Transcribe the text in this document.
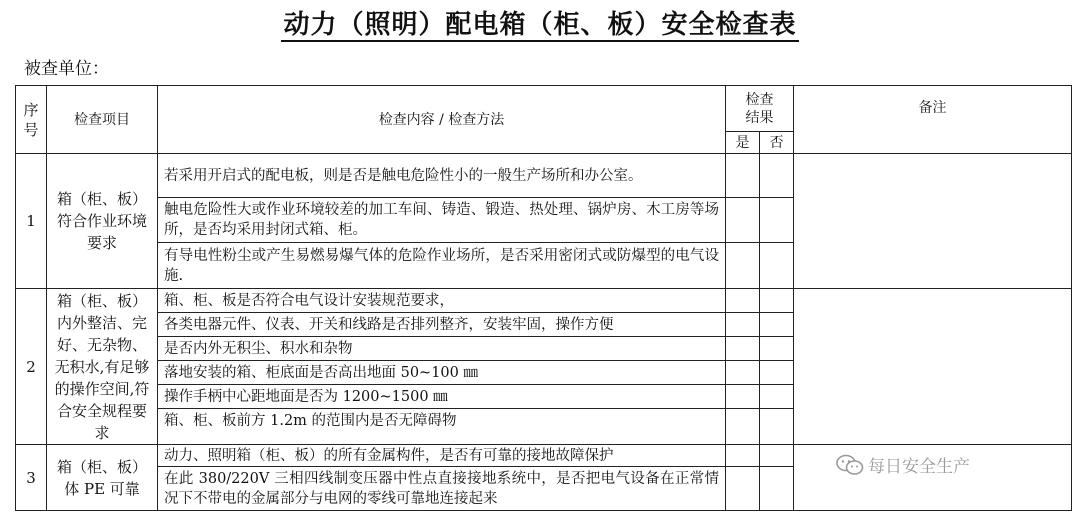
动力（照明）配电箱（柜、板）安全检查表
被查单位：
序号	检查项目	检查内容 / 检查方法	检查结果		备注
			是	否	
1	箱（柜、板）符合作业环境要求	若采用开启式的配电板，则是否是触电危险性小的一般生产场所和办公室。			
		触电危险性大或作业环境较差的加工车间、铸造、锻造、热处理、锅炉房、木工房等场所，是否均采用封闭式箱、柜。			
		有导电性粉尘或产生易燃易爆气体的危险作业场所，是否采用密闭式或防爆型的电气设施.			
2	箱（柜、板）内外整洁、完好、无杂物、无积水,有足够的操作空间,符合安全规程要求	箱、柜、板是否符合电气设计安装规范要求，			
		各类电器元件、仪表、开关和线路是否排列整齐，安装牢固，操作方便			
		是否内外无积尘、积水和杂物			
		落地安装的箱、柜底面是否高出地面 50~100 ㎜			
		操作手柄中心距地面是否为 1200~1500 ㎜			
		箱、柜、板前方 1.2m 的范围内是否无障碍物			
3	箱（柜、板）体 PE 可靠	动力、照明箱（柜、板）的所有金属构件，是否有可靠的接地故障保护			
		在此 380/220V 三相四线制变压器中性点直接接地系统中，是否把电气设备在正常情况下不带电的金属部分与电网的零线可靠地连接起来			
每日安全生产
